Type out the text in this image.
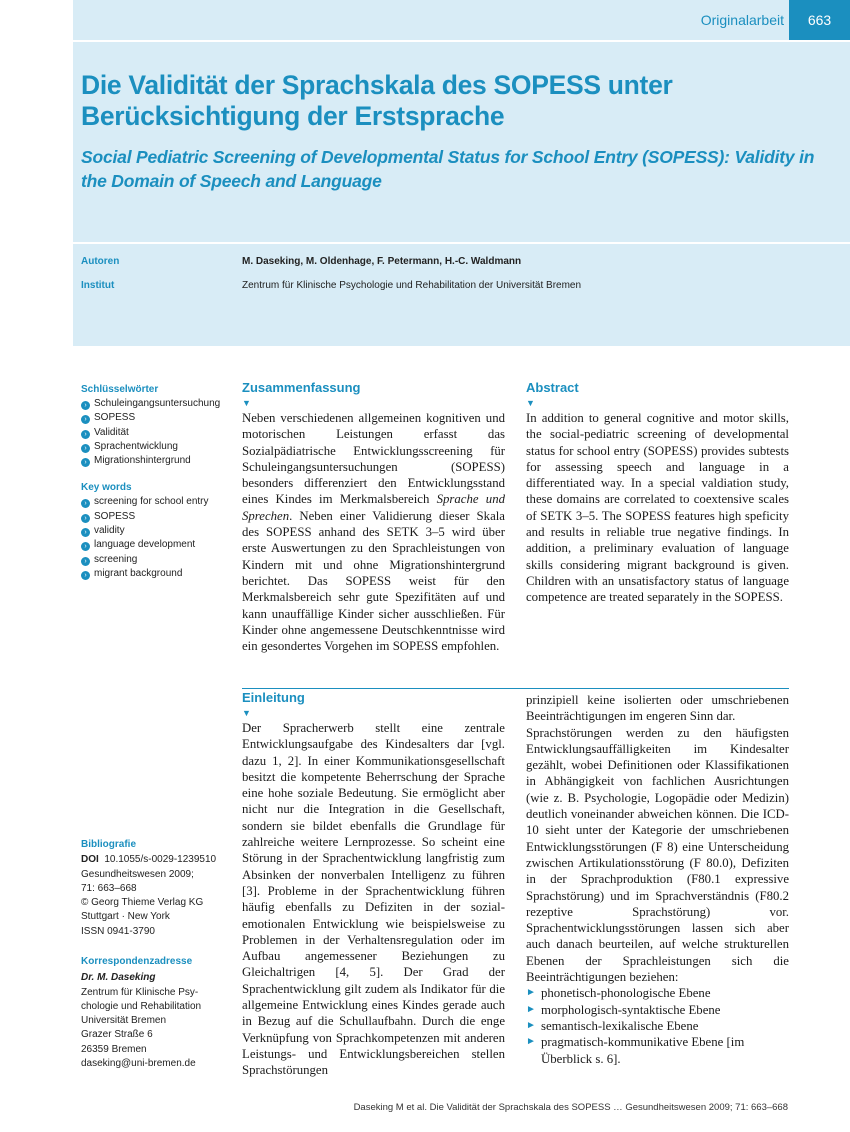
Originalarbeit	663
Die Validität der Sprachskala des SOPESS unter Berücksichtigung der Erstsprache
Social Pediatric Screening of Developmental Status for School Entry (SOPESS): Validity in the Domain of Speech and Language
Autoren	M. Daseking, M. Oldenhage, F. Petermann, H.-C. Waldmann
Institut	Zentrum für Klinische Psychologie und Rehabilitation der Universität Bremen
Schlüsselwörter
› Schuleingangsuntersuchung
› SOPESS
› Validität
› Sprachentwicklung
› Migrationshintergrund
Key words
› screening for school entry
› SOPESS
› validity
› language development
› screening
› migrant background
Bibliografie
DOI 10.1055/s-0029-1239510
Gesundheitswesen 2009;
71: 663–668
© Georg Thieme Verlag KG
Stuttgart · New York
ISSN 0941-3790
Korrespondenzadresse
Dr. M. Daseking
Zentrum für Klinische Psy-
chologie und Rehabilitation
Universität Bremen
Grazer Straße 6
26359 Bremen
daseking@uni-bremen.de
Zusammenfassung
▼

Neben verschiedenen allgemeinen kognitiven und motorischen Leistungen erfasst das Sozialpädiatrische Entwicklungsscreening für Schuleingangsuntersuchungen (SOPESS) besonders differenziert den Entwicklungsstand eines Kindes im Merkmalsbereich Sprache und Sprechen. Neben einer Validierung dieser Skala des SOPESS anhand des SETK 3–5 wird über erste Auswertungen zu den Sprachleistungen von Kindern mit und ohne Migrationshintergrund berichtet. Das SOPESS weist für den Merkmalsbereich sehr gute Spezifitäten auf und kann unauffällige Kinder sicher ausschließen. Für Kinder ohne angemessene Deutschkenntnisse wird ein gesondertes Vorgehen im SOPESS empfohlen.

Abstract
▼

In addition to general cognitive and motor skills, the social-pediatric screening of developmental status for school entry (SOPESS) provides subtests for assessing speech and language in a differentiated way. In a special valdiation study, these domains are correlated to coextensive scales of SETK 3–5. The SOPESS features high speficity and results in reliable true negative findings. In addition, a preliminary evaluation of language skills considering migrant background is given. Children with an unsatisfactory status of language competence are treated separately in the SOPESS.

Einleitung
▼

Der Spracherwerb stellt eine zentrale Entwicklungsaufgabe des Kindesalters dar [vgl. dazu 1, 2]. In einer Kommunikationsgesellschaft besitzt die kompetente Beherrschung der Sprache eine hohe soziale Bedeutung. Sie ermöglicht aber nicht nur die Integration in die Gesellschaft, sondern sie bildet ebenfalls die Grundlage für zahlreiche weitere Lernprozesse. So scheint eine Störung in der Sprachentwicklung langfristig zum Absinken der nonverbalen Intelligenz zu führen [3]. Probleme in der Sprachentwicklung führen häufig ebenfalls zu Defiziten in der sozial-emotionalen Entwicklung wie beispielsweise zu Problemen in der Verhaltensregulation oder im Aufbau angemessener Beziehungen zu Gleichaltrigen [4, 5]. Der Grad der Sprachentwicklung gilt zudem als Indikator für die allgemeine Entwicklung eines Kindes gerade auch in Bezug auf die Schullaufbahn. Durch die enge Verknüpfung von Sprachkompetenzen mit anderen Leistungs- und Entwicklungsbereichen stellen Sprachstörungen

prinzipiell keine isolierten oder umschriebenen Beeinträchtigungen im engeren Sinn dar.

Sprachstörungen werden zu den häufigsten Entwicklungsauffälligkeiten im Kindesalter gezählt, wobei Definitionen oder Klassifikationen in Abhängigkeit von fachlichen Ausrichtungen (wie z. B. Psychologie, Logopädie oder Medizin) deutlich voneinander abweichen können. Die ICD-10 sieht unter der Kategorie der umschriebenen Entwicklungsstörungen (F 8) eine Unterscheidung zwischen Artikulationsstörung (F 80.0), Defiziten in der Sprachproduktion (F80.1 expressive Sprachstörung) und im Sprachverständnis (F80.2 rezeptive Sprachstörung) vor. Sprachentwicklungsstörungen lassen sich aber auch danach beurteilen, auf welche strukturellen Ebenen der Sprachleistungen sich die Beeinträchtigungen beziehen:

► phonetisch-phonologische Ebene
► morphologisch-syntaktische Ebene
► semantisch-lexikalische Ebene
► pragmatisch-kommunikative Ebene [im Überblick s. 6].
Daseking M et al. Die Validität der Sprachskala des SOPESS … Gesundheitswesen 2009; 71: 663–668
